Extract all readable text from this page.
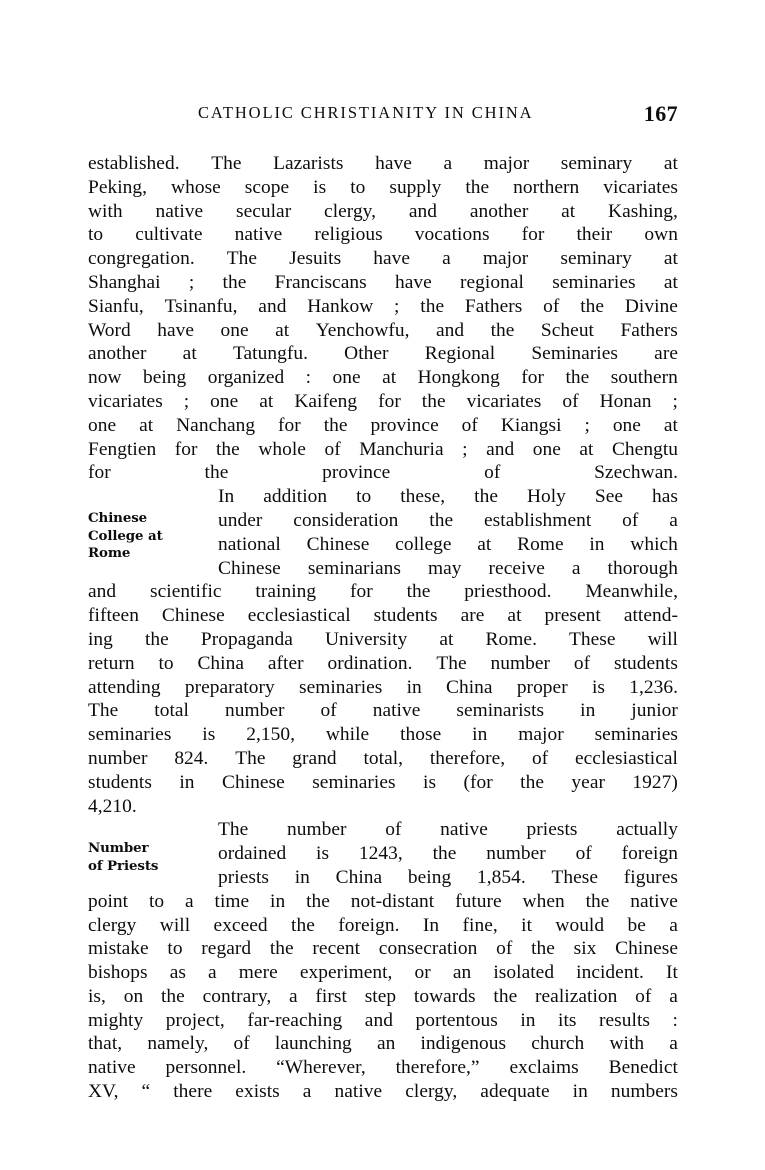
CATHOLIC CHRISTIANITY IN CHINA	167
established. The Lazarists have a major seminary at
Peking, whose scope is to supply the northern vicariates
with native secular clergy, and another at Kashing,
to cultivate native religious vocations for their own
congregation. The Jesuits have a major seminary at
Shanghai ; the Franciscans have regional seminaries at
Sianfu, Tsinanfu, and Hankow ; the Fathers of the Divine
Word have one at Yenchowfu, and the Scheut Fathers
another at Tatungfu. Other Regional Seminaries are
now being organized : one at Hongkong for the southern
vicariates ; one at Kaifeng for the vicariates of Honan ;
one at Nanchang for the province of Kiangsi ; one at
Fengtien for the whole of Manchuria ; and one at Chengtu
for the province of Szechwan.
Chinese
College at
Rome
In addition to these, the Holy See has
under consideration the establishment of a
national Chinese college at Rome in which
Chinese seminarians may receive a thorough
and scientific training for the priesthood. Meanwhile,
fifteen Chinese ecclesiastical students are at present attend-
ing the Propaganda University at Rome. These will
return to China after ordination. The number of students
attending preparatory seminaries in China proper is 1,236.
The total number of native seminarists in junior
seminaries is 2,150, while those in major seminaries
number 824. The grand total, therefore, of ecclesiastical
students in Chinese seminaries is (for the year 1927)
4,210.
Number
of Priests
The number of native priests actually
ordained is 1243, the number of foreign
priests in China being 1,854. These figures
point to a time in the not-distant future when the native
clergy will exceed the foreign. In fine, it would be a
mistake to regard the recent consecration of the six Chinese
bishops as a mere experiment, or an isolated incident. It
is, on the contrary, a first step towards the realization of a
mighty project, far-reaching and portentous in its results :
that, namely, of launching an indigenous church with a
native personnel. “Wherever, therefore,” exclaims Benedict
XV, “ there exists a native clergy, adequate in numbers
